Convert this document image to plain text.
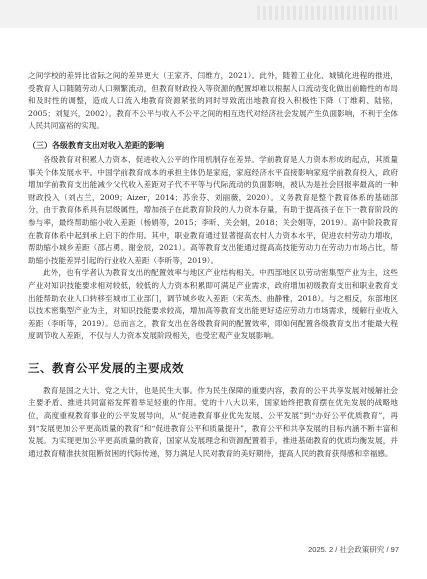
之间学校的差异比省际之间的差异更大（王家齐、闫维方，2021）。此外，随着工业化、城镇化进程的推进，受教育人口随随劳动人口频繁流动，但教育财政投入等资源的配置却难以根据人口流动变化做出前瞻性的布局和及时性的调整，造成人口流入地教育资源紧张的同时导致流出地教育投入积极性下降（丁维莉、陆铭，2005；刘复兴，2002）。教育不公平与收入不公平之间的相互迭代对经济社会发展产生负面影响，不利于全体人民共同富裕的实现。

（三）各级教育支出对收入差距的影响

各级教育对积累人力资本、促进收入公平的作用机制存在差异。学前教育是人力资本形成的起点，其质量事关个体发展水平。中国学前教育成本的承担主体仍是家庭，家庭经济水平直接影响家庭学前教育投入，政府增加学前教育支出能减少父代收入差距对子代不平等与代际流动的负面影响，被认为是社会回报率最高的一种财政投入（刘占兰，2009；Aizer，2014；苏余芬、刘丽薇，2020）。义务教育是整个教育体系的基础部分，由于教育体系具有层级属性，增加孩子在此教育阶段的人力资本存量，有助于提高孩子在下一教育阶段的参与率，最终帮助缩小收入差距（杨娟等，2015；李昕、关会娟，2018；关会娟等，2019）。高中阶段教育在教育体系中起到承上启下的作用。其中，职业教育通过显著提高农村人力资本水平，促进农村劳动力增收，帮助缩小城乡差距（邵占勇、谢金辰，2021）。高等教育支出能通过提高高技能劳动力在劳动力市场占比，帮助缩小技能差异引起的行业收入差距（李昕等，2019）。

此外，也有学者认为教育支出的配置效率与地区产业结构相关。中西部地区以劳动密集型产业为主，这些产业对知识技能要求相对较低，较低的人力资本积累即可满足产业需求，政府增加初级教育支出和职业教育支出能帮助农业人口转移至城市工业部门，调节城乡收入差距（宋英杰、曲静雅，2018）。与之相反，东部地区以技术密集型产业为主，对知识技能要求较高，增加高等教育支出能更好适应劳动力市场需求，缓解行业收入差距（李昕等，2019）。总而言之，教育支出在各级教育间的配置效率，即如何配置各级教育支出才能最大程度调节收入差距，不仅与人力资本发展阶段相关，也受宏观产业发展影响。

三、教育公平发展的主要成效

教育是国之大计、党之大计，也是民生大事。作为民生保障的重要内容，教育的公平共享发展对缓解社会主要矛盾、推进共同富裕发挥着举足轻重的作用。党的十八大以来，国家始终把教育摆在优先发展的战略地位，高度重视教育事业的公平发展导向，从“促进教育事业优先发展、公平发展”到“办好公平优质教育”，再到“发展更加公平更高质量的教育”和“促进教育公平和质量提升”，教育公平和共享发展的目标内涵不断丰富和发展。为实现更加公平更高质量的教育，国家从发展理念和资源配置着手，推进基础教育的优质均衡发展，并通过教育精准扶贫阻断贫困的代际传递，努力满足人民对教育的美好期待，提高人民的教育获得感和幸福感。

2025. 2 / 社会政策研究 / 97
